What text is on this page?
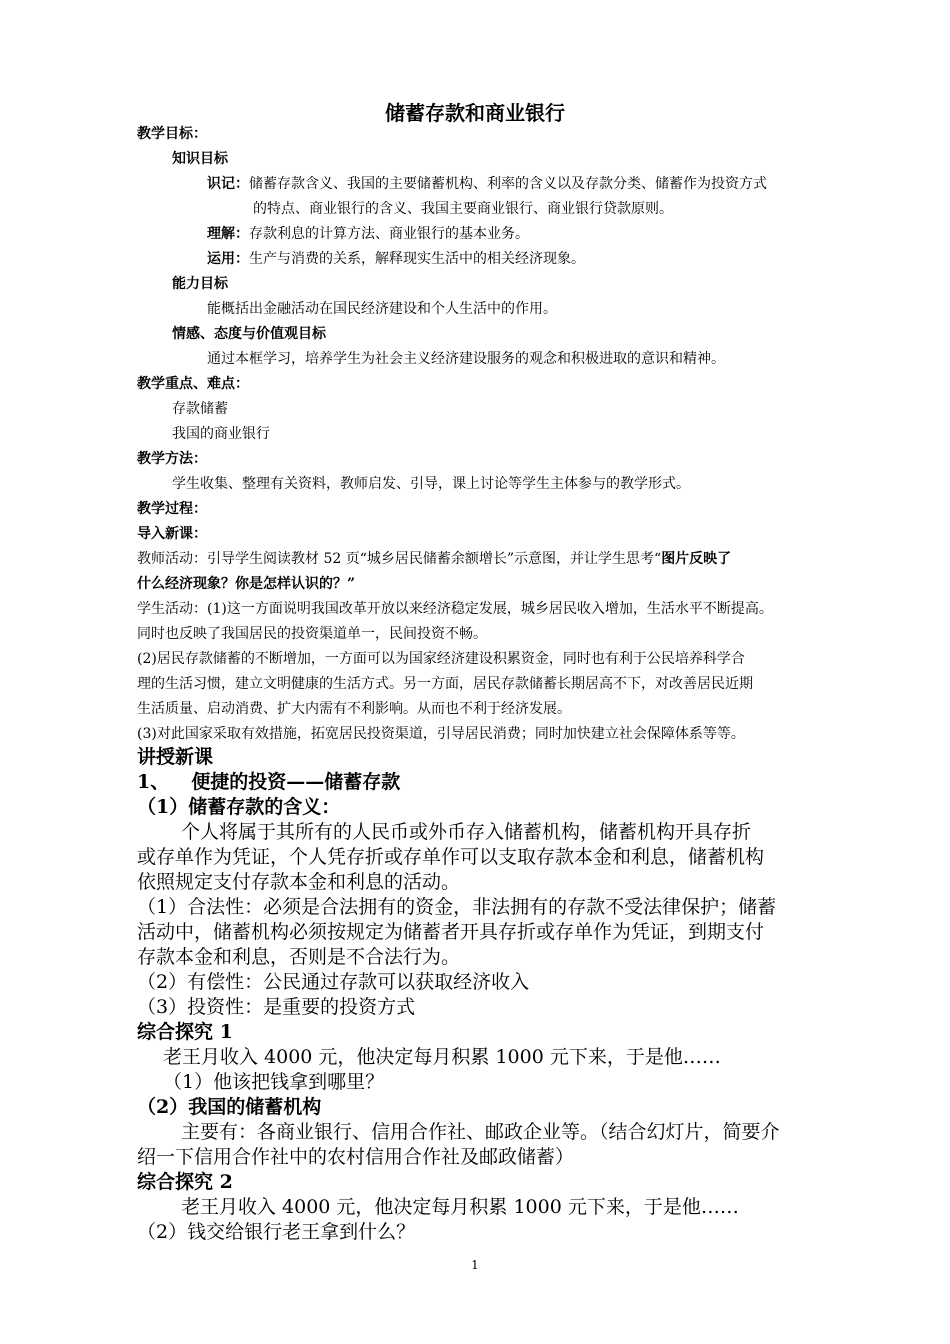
储蓄存款和商业银行
教学目标：
知识目标
识记：储蓄存款含义、我国的主要储蓄机构、利率的含义以及存款分类、储蓄作为投资方式
的特点、商业银行的含义、我国主要商业银行、商业银行贷款原则。
理解：存款利息的计算方法、商业银行的基本业务。
运用：生产与消费的关系，解释现实生活中的相关经济现象。
能力目标
能概括出金融活动在国民经济建设和个人生活中的作用。
情感、态度与价值观目标
通过本框学习，培养学生为社会主义经济建设服务的观念和积极进取的意识和精神。
教学重点、难点：
存款储蓄
我国的商业银行
教学方法：
学生收集、整理有关资料，教师启发、引导，课上讨论等学生主体参与的教学形式。
教学过程：
导入新课：
教师活动：引导学生阅读教材 52 页“城乡居民储蓄余额增长”示意图，并让学生思考“图片反映了
什么经济现象？你是怎样认识的？”
学生活动：(1)这一方面说明我国改革开放以来经济稳定发展，城乡居民收入增加，生活水平不断提高。
同时也反映了我国居民的投资渠道单一，民间投资不畅。
(2)居民存款储蓄的不断增加，一方面可以为国家经济建设积累资金，同时也有利于公民培养科学合
理的生活习惯，建立文明健康的生活方式。另一方面，居民存款储蓄长期居高不下，对改善居民近期
生活质量、启动消费、扩大内需有不利影响。从而也不利于经济发展。
(3)对此国家采取有效措施，拓宽居民投资渠道，引导居民消费；同时加快建立社会保障体系等等。
讲授新课
1、 便捷的投资——储蓄存款
（1）储蓄存款的含义：
个人将属于其所有的人民币或外币存入储蓄机构，储蓄机构开具存折
或存单作为凭证，个人凭存折或存单作可以支取存款本金和利息，储蓄机构
依照规定支付存款本金和利息的活动。
（1）合法性：必须是合法拥有的资金，非法拥有的存款不受法律保护；储蓄
活动中，储蓄机构必须按规定为储蓄者开具存折或存单作为凭证，到期支付
存款本金和利息，否则是不合法行为。
（2）有偿性：公民通过存款可以获取经济收入
（3）投资性：是重要的投资方式
综合探究 1
老王月收入 4000 元，他决定每月积累 1000 元下来，于是他……
（1）他该把钱拿到哪里？
（2）我国的储蓄机构
主要有：各商业银行、信用合作社、邮政企业等。（结合幻灯片，简要介
绍一下信用合作社中的农村信用合作社及邮政储蓄）
综合探究 2
老王月收入 4000 元，他决定每月积累 1000 元下来，于是他……
（2）钱交给银行老王拿到什么？
1
